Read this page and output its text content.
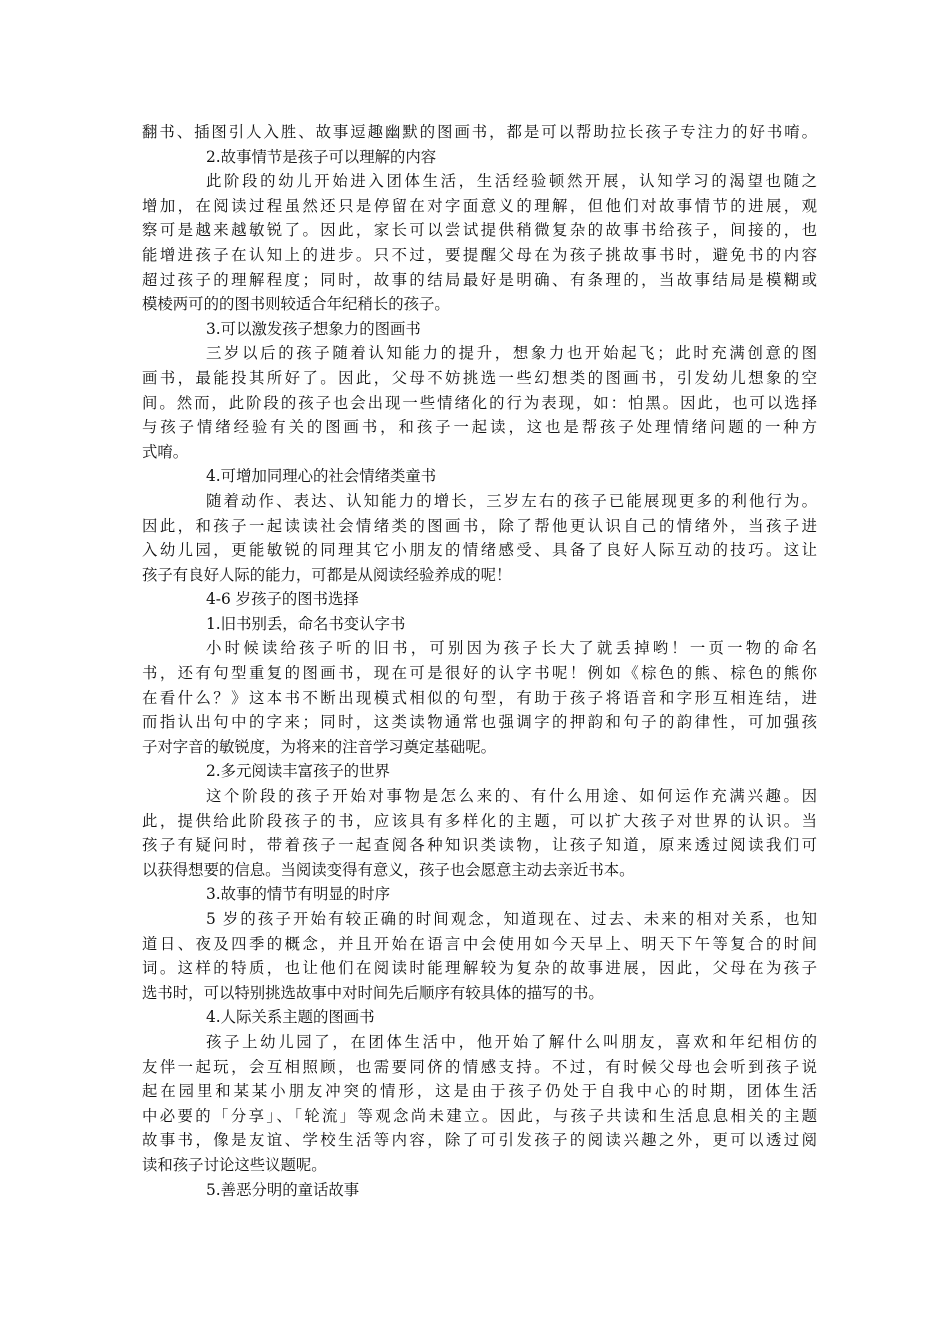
翻书、插图引人入胜、故事逗趣幽默的图画书，都是可以帮助拉长孩子专注力的好书唷。
2.故事情节是孩子可以理解的内容
此阶段的幼儿开始进入团体生活，生活经验顿然开展，认知学习的渴望也随之
增加，在阅读过程虽然还只是停留在对字面意义的理解，但他们对故事情节的进展，观
察可是越来越敏锐了。因此，家长可以尝试提供稍微复杂的故事书给孩子，间接的，也
能增进孩子在认知上的进步。只不过，要提醒父母在为孩子挑故事书时，避免书的内容
超过孩子的理解程度；同时，故事的结局最好是明确、有条理的，当故事结局是模糊或
模棱两可的的图书则较适合年纪稍长的孩子。
3.可以激发孩子想象力的图画书
三岁以后的孩子随着认知能力的提升，想象力也开始起飞；此时充满创意的图
画书，最能投其所好了。因此，父母不妨挑选一些幻想类的图画书，引发幼儿想象的空
间。然而，此阶段的孩子也会出现一些情绪化的行为表现，如：怕黑。因此，也可以选择
与孩子情绪经验有关的图画书，和孩子一起读，这也是帮孩子处理情绪问题的一种方
式唷。
4.可增加同理心的社会情绪类童书
随着动作、表达、认知能力的增长，三岁左右的孩子已能展现更多的利他行为。
因此，和孩子一起读读社会情绪类的图画书，除了帮他更认识自己的情绪外，当孩子进
入幼儿园，更能敏锐的同理其它小朋友的情绪感受、具备了良好人际互动的技巧。这让
孩子有良好人际的能力，可都是从阅读经验养成的呢！
4-6 岁孩子的图书选择
1.旧书别丢，命名书变认字书
小时候读给孩子听的旧书，可别因为孩子长大了就丢掉哟！一页一物的命名
书，还有句型重复的图画书，现在可是很好的认字书呢！例如《棕色的熊、棕色的熊你
在看什么？》这本书不断出现模式相似的句型，有助于孩子将语音和字形互相连结，进
而指认出句中的字来；同时，这类读物通常也强调字的押韵和句子的韵律性，可加强孩
子对字音的敏锐度，为将来的注音学习奠定基础呢。
2.多元阅读丰富孩子的世界
这个阶段的孩子开始对事物是怎么来的、有什么用途、如何运作充满兴趣。因
此，提供给此阶段孩子的书，应该具有多样化的主题，可以扩大孩子对世界的认识。当
孩子有疑问时，带着孩子一起查阅各种知识类读物，让孩子知道，原来透过阅读我们可
以获得想要的信息。当阅读变得有意义，孩子也会愿意主动去亲近书本。
3.故事的情节有明显的时序
5 岁的孩子开始有较正确的时间观念，知道现在、过去、未来的相对关系，也知
道日、夜及四季的概念，并且开始在语言中会使用如今天早上、明天下午等复合的时间
词。这样的特质，也让他们在阅读时能理解较为复杂的故事进展，因此，父母在为孩子
选书时，可以特别挑选故事中对时间先后顺序有较具体的描写的书。
4.人际关系主题的图画书
孩子上幼儿园了，在团体生活中，他开始了解什么叫朋友，喜欢和年纪相仿的
友伴一起玩，会互相照顾，也需要同侪的情感支持。不过，有时候父母也会听到孩子说
起在园里和某某小朋友冲突的情形，这是由于孩子仍处于自我中心的时期，团体生活
中必要的「分享」、「轮流」等观念尚未建立。因此，与孩子共读和生活息息相关的主题
故事书，像是友谊、学校生活等内容，除了可引发孩子的阅读兴趣之外，更可以透过阅
读和孩子讨论这些议题呢。
5.善恶分明的童话故事
